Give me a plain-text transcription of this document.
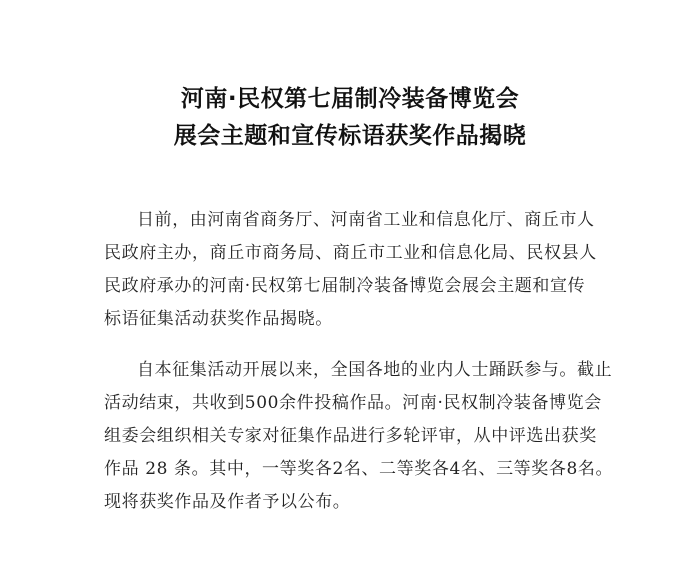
河南·民权第七届制冷装备博览会
展会主题和宣传标语获奖作品揭晓
日前，由河南省商务厅、河南省工业和信息化厅、商丘市人
民政府主办，商丘市商务局、商丘市工业和信息化局、民权县人
民政府承办的河南·民权第七届制冷装备博览会展会主题和宣传
标语征集活动获奖作品揭晓。
自本征集活动开展以来，全国各地的业内人士踊跃参与。截止
活动结束，共收到500余件投稿作品。河南·民权制冷装备博览会
组委会组织相关专家对征集作品进行多轮评审，从中评选出获奖
作品 28 条。其中，一等奖各2名、二等奖各4名、三等奖各8名。
现将获奖作品及作者予以公布。
